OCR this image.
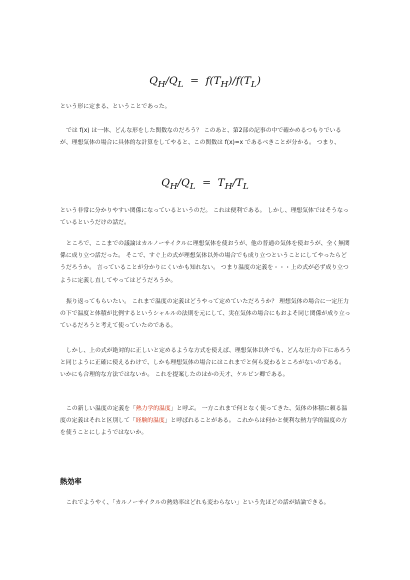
$Q_H/Q_L = f(T_H)/f(T_L)$
という形に定まる、ということであった。
では f(x) は一体、どんな形をした関数なのだろう？ このあと、第2部の記事の中で確かめるつもりでいるが、理想気体の場合に具体的な計算をしてやると、この関数は f(x)=x であるべきことが分かる。 つまり、
$Q_H/Q_L = T_H/T_L$
という非常に分かりやすい関係になっているというのだ。 これは便利である。 しかし、理想気体ではそうなっているというだけの話だ。
ところで、ここまでの議論はカルノーサイクルに理想気体を使おうが、他の普通の気体を使おうが、全く無関係に成り立つ話だった。 そこで、すぐ上の式が理想気体以外の場合でも成り立つということにしてやったらどうだろうか。 言っていることが分かりにくいかも知れない。 つまり温度の定義を・・・上の式が必ず成り立つように定義し直してやってはどうだろうか。
振り返ってもらいたい。 これまで温度の定義はどうやって定めていただろうか？ 理想気体の場合に一定圧力の下で温度と体積が比例するというシャルルの法則を元にして、実在気体の場合にもおよそ同じ関係が成り立っているだろうと考えて使っていたのである。
しかし、上の式が絶対的に正しいと定めるような方式を使えば、理想気体以外でも、どんな圧力の下にあろうと同じように正確に使えるわけで、しかも理想気体の場合にはこれまでと何ら変わるところがないのである。 いかにも合理的な方法ではないか。 これを提案したのはかの天才、ケルビン卿である。
この新しい温度の定義を「熱力学的温度」と呼ぶ。 一方これまで何となく使ってきた、気体の体積に頼る温度の定義はそれと区別して「経験的温度」と呼ばれることがある。 これからは何かと便利な熱力学的温度の方を使うことにしようではないか。
熱効率
これでようやく、「カルノーサイクルの熱効率はどれも変わらない」という先ほどの話が結論できる。
